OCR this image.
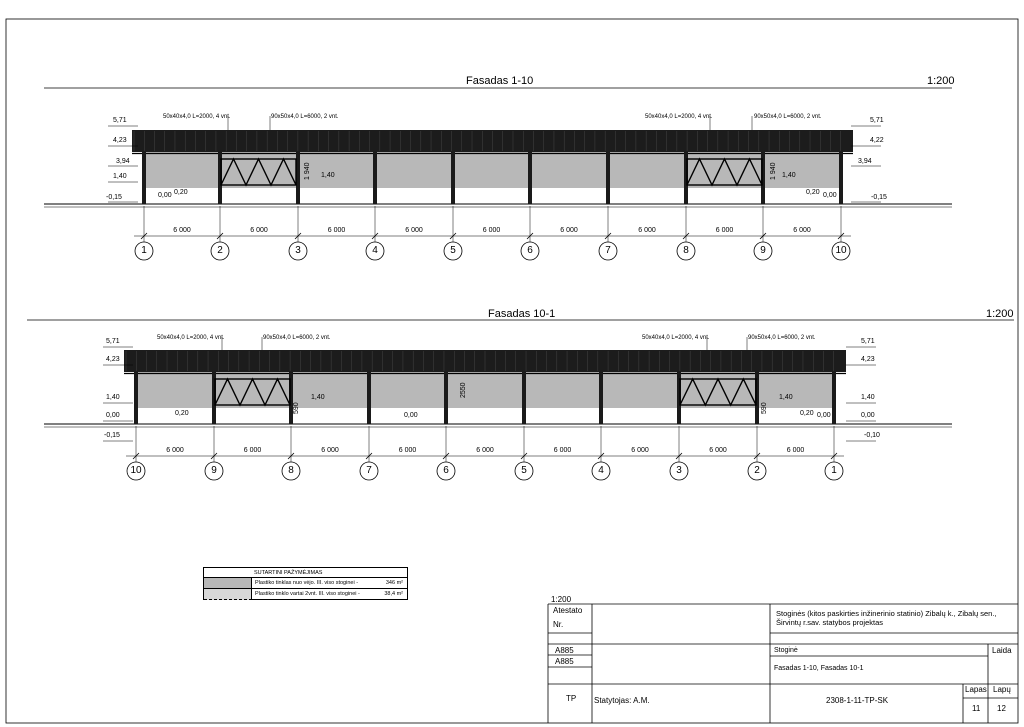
Fasadas 1-10	1:200
Fasadas 10-1	1:200
50x40x4,0 L=2000, 4 vnt.	90x50x4,0 L=6000, 2 vnt.	50x40x4,0 L=2000, 4 vnt.	90x50x4,0 L=6000, 2 vnt.
5,71
4,23
3,94
1,40
-0,15
5,71
4,22
3,94
-0,15
0,00 0,20
1,40	1,40
0,20 0,00
1 940	1 940
50x40x4,0 L=2000, 4 vnt.	90x50x4,0 L=6000, 2 vnt.	50x40x4,0 L=2000, 4 vnt.	90x50x4,0 L=6000, 2 vnt.
5,71
4,23
1,40
0,00
-0,15
5,71
4,23
1,40
0,00
-0,10
0,20
1,40
0,00
1,40
0,20 0,00
590
2550
590
1
6 000
2
6 000
3
6 000
4
6 000
5
6 000
6
6 000
7
6 000
8
6 000
9
6 000
10
10
6 000
9
6 000
8
6 000
7
6 000
6
6 000
5
6 000
4
6 000
3
6 000
2
6 000
1
SUTARTINI PAŽYMĖJIMAS
Plastiko tinklas nuo vėjo. III. viso stoginei -	346 m²
Plastiko tinklo vartai 2vnt. III. viso stoginei -	38,4 m²
1:200
Atestato
Nr.
A885
A885
Stoginės (kitos paskirties inžinerinio statinio) Zibalų k., Zibalų sen., Širvintų r.sav. statybos projektas
Stoginė
Fasadas 1-10, Fasadas 10-1
Laida
TP Statytojas: A.M.	2308-1-11-TP-SK
Lapas Lapų
11 12
